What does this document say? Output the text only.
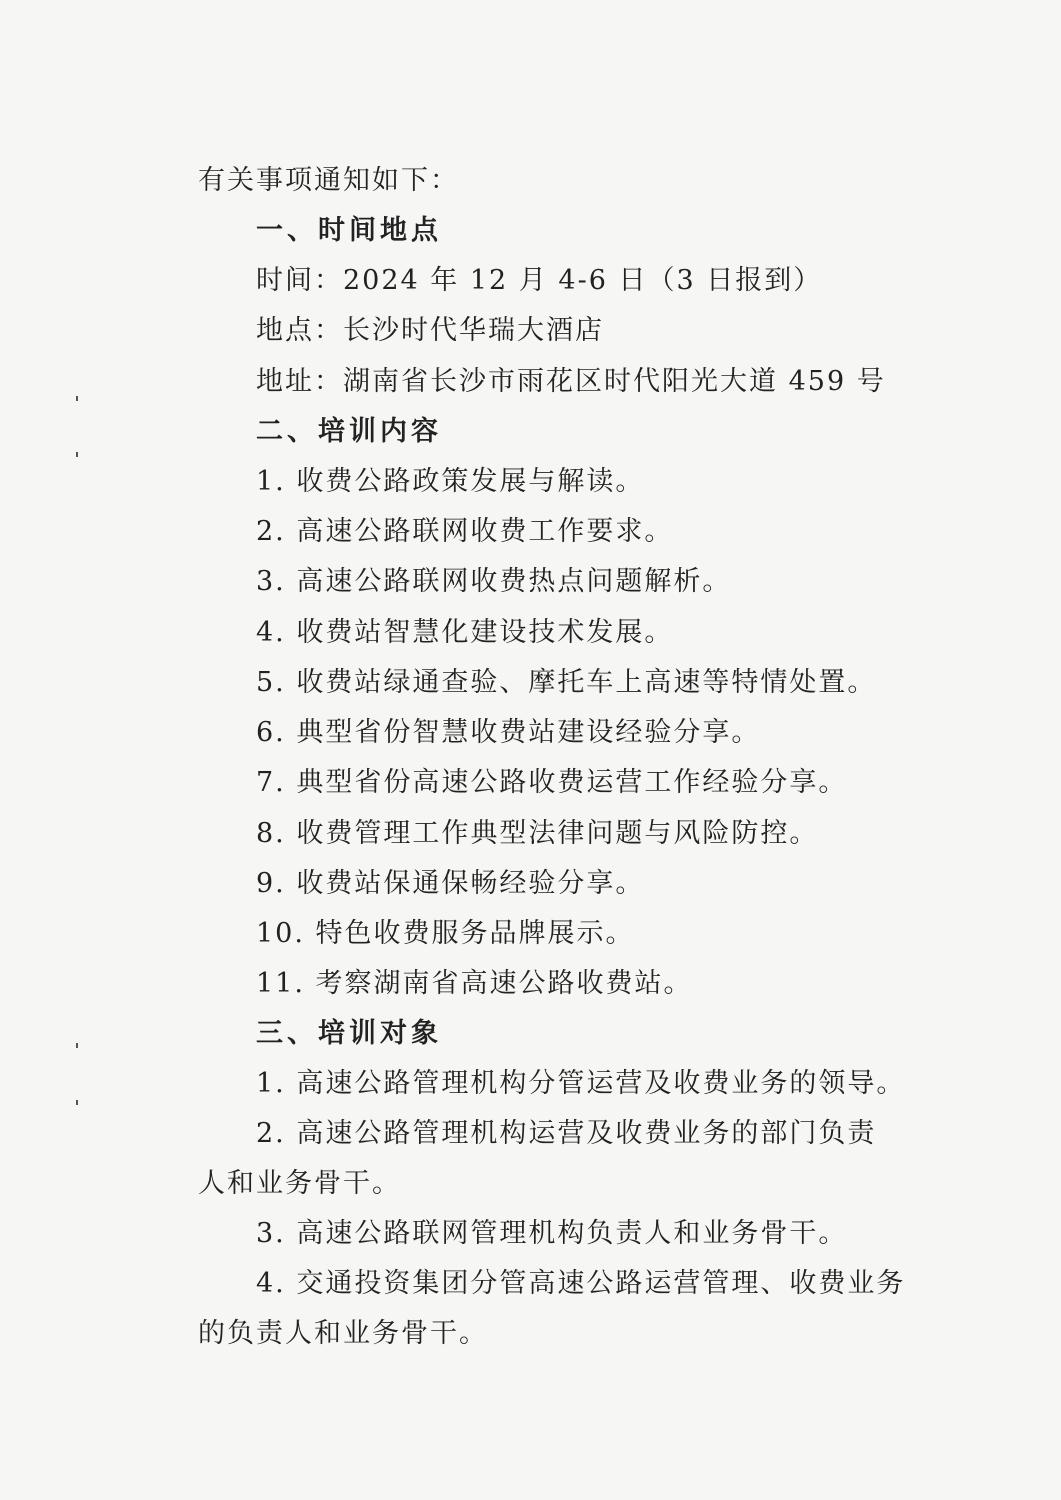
有关事项通知如下：
一、时间地点
时间：2024 年 12 月 4-6 日（3 日报到）
地点：长沙时代华瑞大酒店
地址：湖南省长沙市雨花区时代阳光大道 459 号
二、培训内容
1. 收费公路政策发展与解读。
2. 高速公路联网收费工作要求。
3. 高速公路联网收费热点问题解析。
4. 收费站智慧化建设技术发展。
5. 收费站绿通查验、摩托车上高速等特情处置。
6. 典型省份智慧收费站建设经验分享。
7. 典型省份高速公路收费运营工作经验分享。
8. 收费管理工作典型法律问题与风险防控。
9. 收费站保通保畅经验分享。
10. 特色收费服务品牌展示。
11. 考察湖南省高速公路收费站。
三、培训对象
1. 高速公路管理机构分管运营及收费业务的领导。
2. 高速公路管理机构运营及收费业务的部门负责
人和业务骨干。
3. 高速公路联网管理机构负责人和业务骨干。
4. 交通投资集团分管高速公路运营管理、收费业务
的负责人和业务骨干。
